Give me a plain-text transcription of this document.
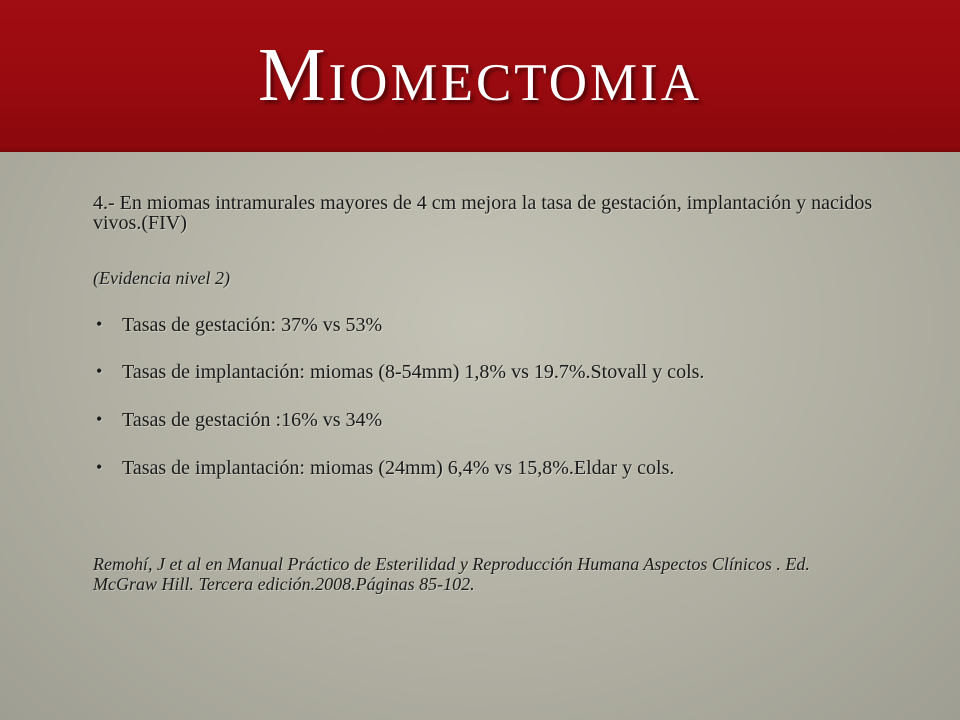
Miomectomia

4.- En miomas intramurales mayores de 4 cm mejora la tasa de gestación, implantación y nacidos vivos.(FIV)

(Evidencia nivel 2)

• Tasas de gestación: 37% vs 53%
• Tasas de implantación: miomas (8-54mm) 1,8% vs 19.7%.Stovall y cols.
• Tasas de gestación :16% vs 34%
• Tasas de implantación: miomas (24mm) 6,4% vs 15,8%.Eldar y cols.

Remohí, J et al en Manual Práctico de Esterilidad y Reproducción Humana Aspectos Clínicos . Ed. McGraw Hill. Tercera edición.2008.Páginas 85-102.
